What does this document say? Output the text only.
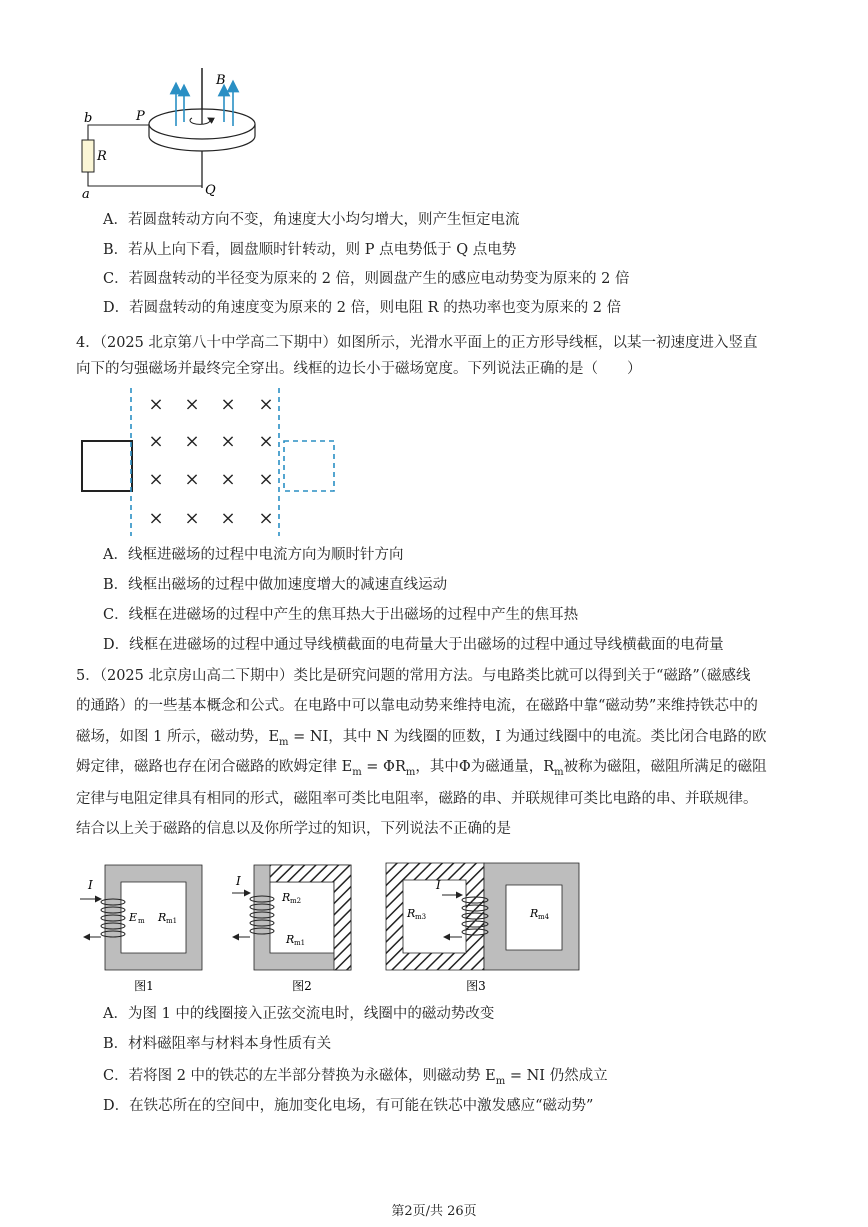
b
a
P
Q
R
B
A．若圆盘转动方向不变，角速度大小均匀增大，则产生恒定电流
B．若从上向下看，圆盘顺时针转动，则 P 点电势低于 Q 点电势
C．若圆盘转动的半径变为原来的 2 倍，则圆盘产生的感应电动势变为原来的 2 倍
D．若圆盘转动的角速度变为原来的 2 倍，则电阻 R 的热功率也变为原来的 2 倍
4．（2025 北京第八十中学高二下期中）如图所示，光滑水平面上的正方形导线框，以某一初速度进入竖直
向下的匀强磁场并最终完全穿出。线框的边长小于磁场宽度。下列说法正确的是（　　）
× × × ×
× × × ×
× × × ×
× × × ×
A．线框进磁场的过程中电流方向为顺时针方向
B．线框出磁场的过程中做加速度增大的减速直线运动
C．线框在进磁场的过程中产生的焦耳热大于出磁场的过程中产生的焦耳热
D．线框在进磁场的过程中通过导线横截面的电荷量大于出磁场的过程中通过导线横截面的电荷量
5．（2025 北京房山高二下期中）类比是研究问题的常用方法。与电路类比就可以得到关于“磁路”（磁感线
的通路）的一些基本概念和公式。在电路中可以靠电动势来维持电流，在磁路中靠“磁动势”来维持铁芯中的
磁场，如图 1 所示，磁动势，$E_m$ = NI，其中 N 为线圈的匝数，I 为通过线圈中的电流。类比闭合电路的欧
姆定律，磁路也存在闭合磁路的欧姆定律 $E_m = \Phi R_m$，其中Φ为磁通量，$R_m$被称为磁阻，磁阻所满足的磁阻
定律与电阻定律具有相同的形式，磁阻率可类比电阻率，磁路的串、并联规律可类比电路的串、并联规律。
结合以上关于磁路的信息以及你所学过的知识，下列说法不正确的是
I
E m R m1
图1
I
R m2
R m1
图2
I
R m3	R m4
图3
A．为图 1 中的线圈接入正弦交流电时，线圈中的磁动势改变
B．材料磁阻率与材料本身性质有关
C．若将图 2 中的铁芯的左半部分替换为永磁体，则磁动势 $E_m$ = NI 仍然成立
D．在铁芯所在的空间中，施加变化电场，有可能在铁芯中激发感应“磁动势”
第2页/共 26页
